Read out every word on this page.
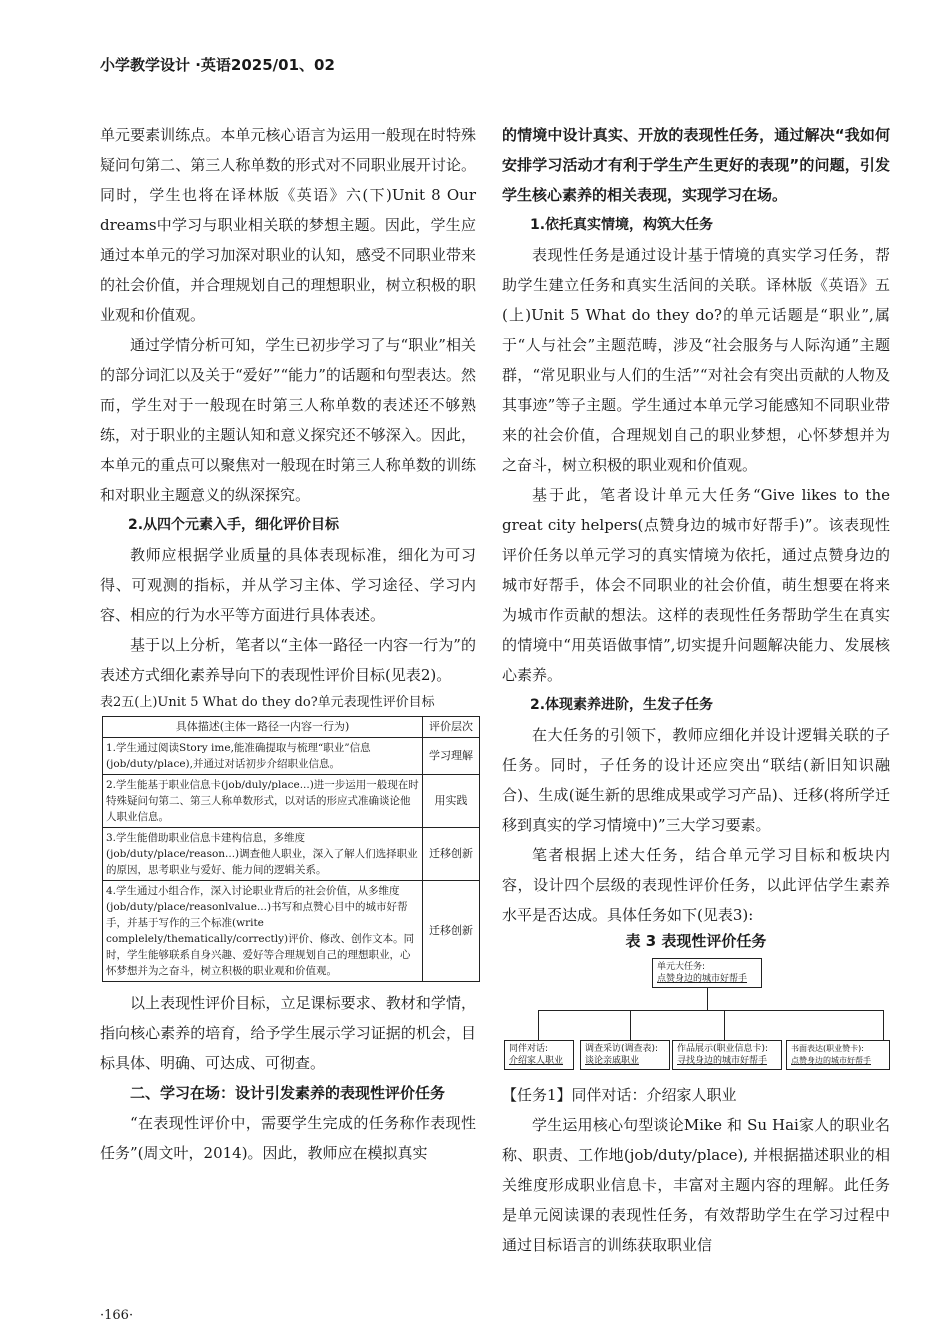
小学教学设计 ·英语2025/01、02

单元要素训练点。本单元核心语言为运用一般现在时特殊疑问句第二、第三人称单数的形式对不同职业展开讨论。同时，学生也将在译林版《英语》六(下)Unit 8 Our dreams中学习与职业相关联的梦想主题。因此，学生应通过本单元的学习加深对职业的认知，感受不同职业带来的社会价值，并合理规划自己的理想职业，树立积极的职业观和价值观。

通过学情分析可知，学生已初步学习了与“职业”相关的部分词汇以及关于“爱好”“能力”的话题和句型表达。然而，学生对于一般现在时第三人称单数的表述还不够熟练，对于职业的主题认知和意义探究还不够深入。因此，本单元的重点可以聚焦对一般现在时第三人称单数的训练和对职业主题意义的纵深探究。

2.从四个元素入手，细化评价目标

教师应根据学业质量的具体表现标准，细化为可习得、可观测的指标，并从学习主体、学习途径、学习内容、相应的行为水平等方面进行具体表述。

基于以上分析，笔者以“主体一路径一内容一行为”的表述方式细化素养导向下的表现性评价目标(见表2)。

表2五(上)Unit 5 What do they do?单元表现性评价目标
具体描述(主体一路径一内容一行为)	评价层次
1.学生通过阅读Story ime,能准确提取与梳理“职业”信息(job/duty/place),并通过对话初步介绍职业信息。	学习理解
2.学生能基于职业信息卡(job/duly/place...)进一步运用一般现在时特殊疑问句第二、第三人称单数形式，以对话的形应式准确谈论他人职业信息。	用实践
3.学生能借助职业信息卡建构信息，多维度(job/duty/place/reason...)调查他人职业，深入了解人们选择职业的原因，思考职业与爱好、能力间的逻辑关系。	迁移创新
4.学生通过小组合作，深入讨论职业背后的社会价值，从多维度(job/duty/place/reasonlvalue...)书写和点赞心目中的城市好帮手，并基于写作的三个标准(write complelely/thematically/correctly)评价、修改、创作文本。同时，学生能够联系自身兴趣、爱好等合理规划自己的理想职业，心怀梦想并为之奋斗，树立积极的职业观和价值观。	迁移创新

以上表现性评价目标，立足课标要求、教材和学情，指向核心素养的培育，给予学生展示学习证据的机会，目标具体、明确、可达成、可彻查。

二、学习在场：设计引发素养的表现性评价任务

“在表现性评价中，需要学生完成的任务称作表现性任务”(周文叶，2014)。因此，教师应在模拟真实

的情境中设计真实、开放的表现性任务，通过解决“我如何安排学习活动才有利于学生产生更好的表现”的问题，引发学生核心素养的相关表现，实现学习在场。

1.依托真实情境，构筑大任务

表现性任务是通过设计基于情境的真实学习任务，帮助学生建立任务和真实生活间的关联。译林版《英语》五(上)Unit 5 What do they do?的单元话题是“职业”,属于“人与社会”主题范畴，涉及“社会服务与人际沟通”主题群，“常见职业与人们的生活”“对社会有突出贡献的人物及其事迹”等子主题。学生通过本单元学习能感知不同职业带来的社会价值，合理规划自己的职业梦想，心怀梦想并为之奋斗，树立积极的职业观和价值观。

基于此，笔者设计单元大任务“Give likes to the great city helpers(点赞身边的城市好帮手)”。该表现性评价任务以单元学习的真实情境为依托，通过点赞身边的城市好帮手，体会不同职业的社会价值，萌生想要在将来为城市作贡献的想法。这样的表现性任务帮助学生在真实的情境中“用英语做事情”,切实提升问题解决能力、发展核心素养。

2.体现素养进阶，生发子任务

在大任务的引领下，教师应细化并设计逻辑关联的子任务。同时，子任务的设计还应突出“联结(新旧知识融合)、生成(诞生新的思维成果或学习产品)、迁移(将所学迁移到真实的学习情境中)”三大学习要素。

笔者根据上述大任务，结合单元学习目标和板块内容，设计四个层级的表现性评价任务，以此评估学生素养水平是否达成。具体任务如下(见表3):

表 3 表现性评价任务
单元大任务:
点赞身边的城市好帮手
同伴对话:
介绍家人职业
调查采访(调查表):
谈论亲戚职业
作品展示(职业信息卡):
寻找身边的城市好帮手
书面表达(职业赞卡):
点赞身边的城市好帮手

【任务1】同伴对话：介绍家人职业

学生运用核心句型谈论Mike 和 Su Hai家人的职业名称、职责、工作地(job/duty/place), 并根据描述职业的相关维度形成职业信息卡，丰富对主题内容的理解。此任务是单元阅读课的表现性任务，有效帮助学生在学习过程中通过目标语言的训练获取职业信

·166·
